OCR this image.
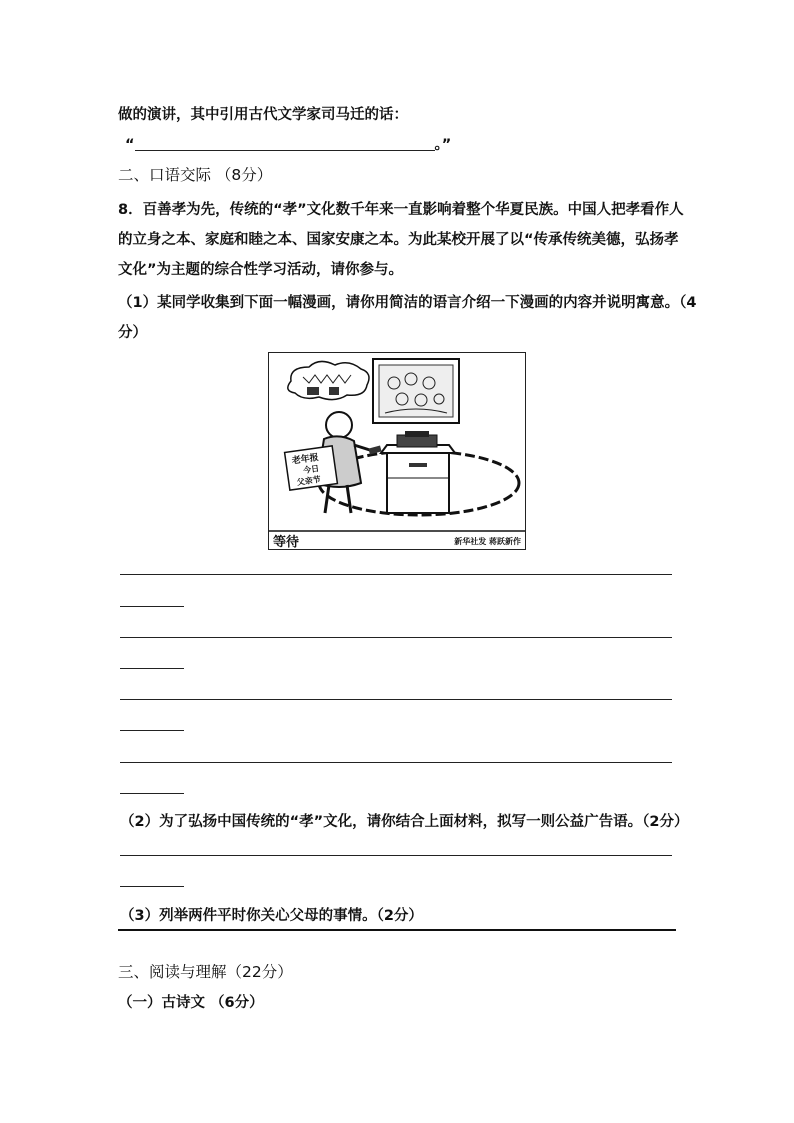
做的演讲，其中引用古代文学家司马迁的话：
“	。”
二、口语交际 （8分）
8．百善孝为先，传统的“孝”文化数千年来一直影响着整个华夏民族。中国人把孝看作人
的立身之本、家庭和睦之本、国家安康之本。为此某校开展了以“传承传统美德，弘扬孝
文化”为主题的综合性学习活动，请你参与。
（1）某同学收集到下面一幅漫画，请你用简洁的语言介绍一下漫画的内容并说明寓意。（4
分）
老年报
今日
父亲节
等待	新华社发 蒋跃新作
（2）为了弘扬中国传统的“孝”文化，请你结合上面材料，拟写一则公益广告语。（2分）
（3）列举两件平时你关心父母的事情。（2分）
三、阅读与理解（22分）
（一）古诗文 （6分）
